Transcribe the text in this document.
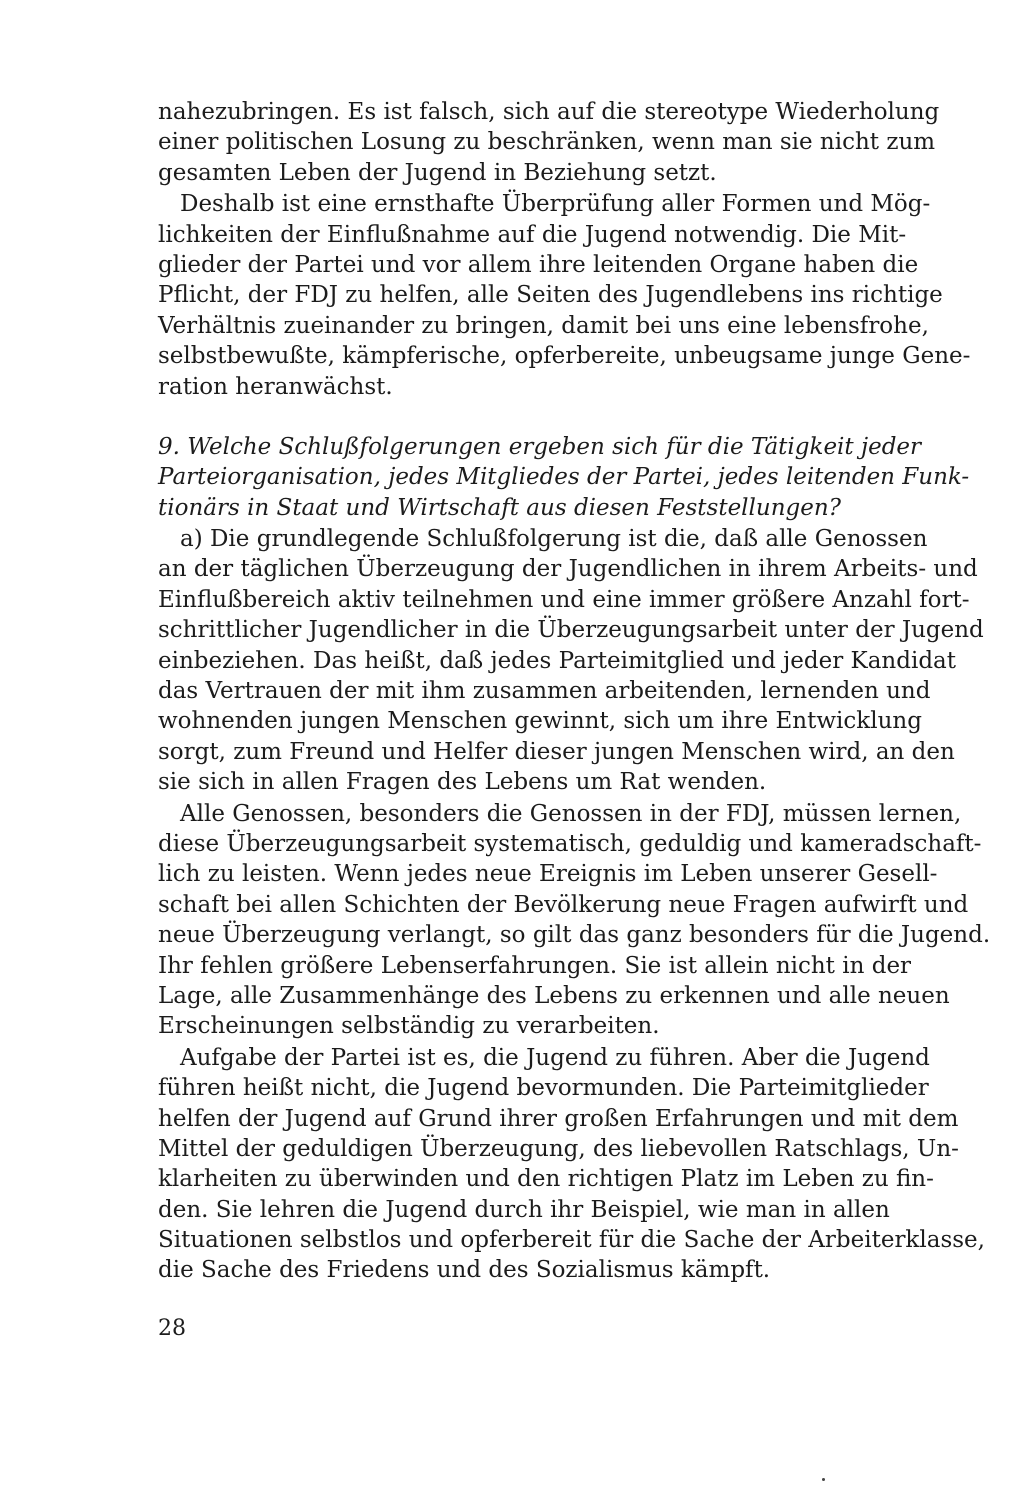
nahezubringen. Es ist falsch, sich auf die stereotype Wiederholung
einer politischen Losung zu beschränken, wenn man sie nicht zum
gesamten Leben der Jugend in Beziehung setzt.
Deshalb ist eine ernsthafte Überprüfung aller Formen und Mög-
lichkeiten der Einflußnahme auf die Jugend notwendig. Die Mit-
glieder der Partei und vor allem ihre leitenden Organe haben die
Pflicht, der FDJ zu helfen, alle Seiten des Jugendlebens ins richtige
Verhältnis zueinander zu bringen, damit bei uns eine lebensfrohe,
selbstbewußte, kämpferische, opferbereite, unbeugsame junge Gene-
ration heranwächst.
9. Welche Schlußfolgerungen ergeben sich für die Tätigkeit jeder
Parteiorganisation, jedes Mitgliedes der Partei, jedes leitenden Funk-
tionärs in Staat und Wirtschaft aus diesen Feststellungen?
a) Die grundlegende Schlußfolgerung ist die, daß alle Genossen
an der täglichen Überzeugung der Jugendlichen in ihrem Arbeits- und
Einflußbereich aktiv teilnehmen und eine immer größere Anzahl fort-
schrittlicher Jugendlicher in die Überzeugungsarbeit unter der Jugend
einbeziehen. Das heißt, daß jedes Parteimitglied und jeder Kandidat
das Vertrauen der mit ihm zusammen arbeitenden, lernenden und
wohnenden jungen Menschen gewinnt, sich um ihre Entwicklung
sorgt, zum Freund und Helfer dieser jungen Menschen wird, an den
sie sich in allen Fragen des Lebens um Rat wenden.
Alle Genossen, besonders die Genossen in der FDJ, müssen lernen,
diese Überzeugungsarbeit systematisch, geduldig und kameradschaft-
lich zu leisten. Wenn jedes neue Ereignis im Leben unserer Gesell-
schaft bei allen Schichten der Bevölkerung neue Fragen aufwirft und
neue Überzeugung verlangt, so gilt das ganz besonders für die Jugend.
Ihr fehlen größere Lebenserfahrungen. Sie ist allein nicht in der
Lage, alle Zusammenhänge des Lebens zu erkennen und alle neuen
Erscheinungen selbständig zu verarbeiten.
Aufgabe der Partei ist es, die Jugend zu führen. Aber die Jugend
führen heißt nicht, die Jugend bevormunden. Die Parteimitglieder
helfen der Jugend auf Grund ihrer großen Erfahrungen und mit dem
Mittel der geduldigen Überzeugung, des liebevollen Ratschlags, Un-
klarheiten zu überwinden und den richtigen Platz im Leben zu fin-
den. Sie lehren die Jugend durch ihr Beispiel, wie man in allen
Situationen selbstlos und opferbereit für die Sache der Arbeiterklasse,
die Sache des Friedens und des Sozialismus kämpft.
28
